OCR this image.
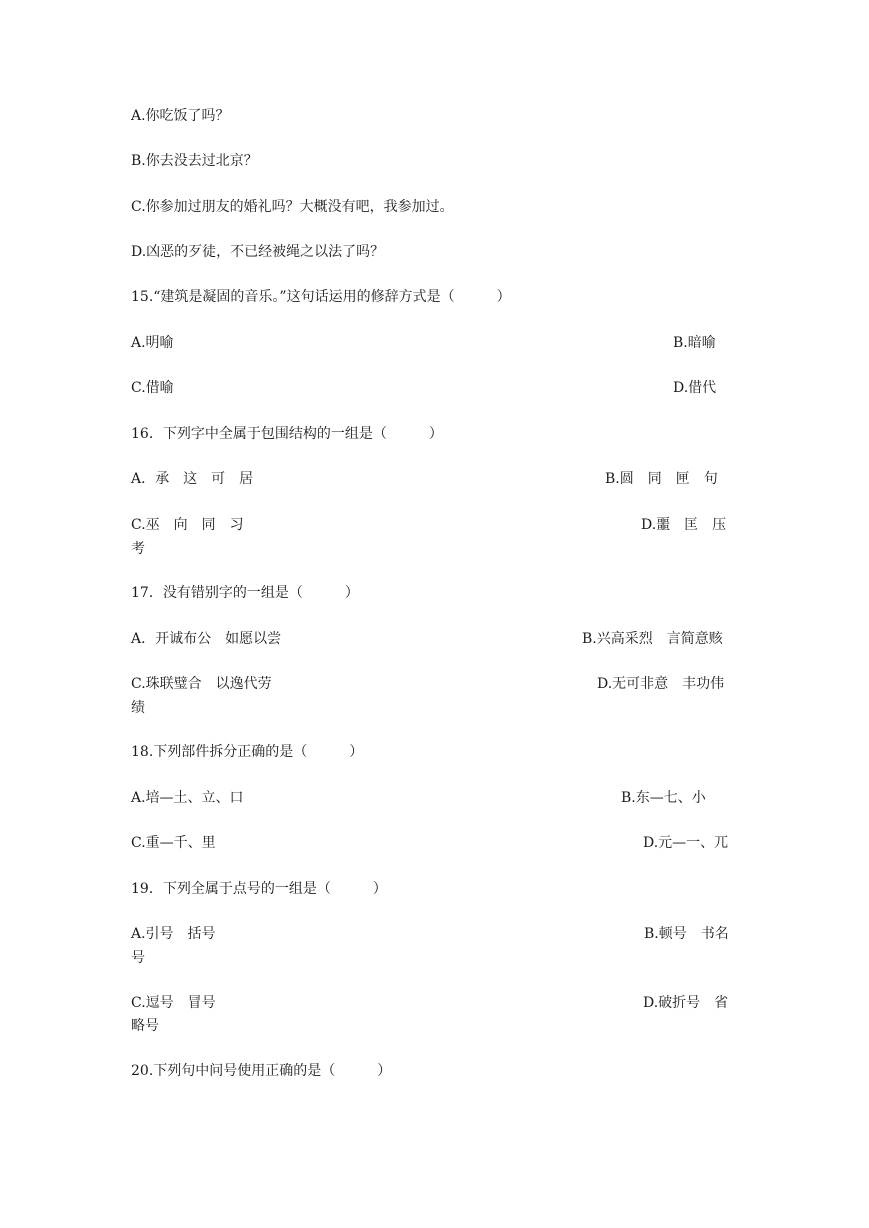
A.你吃饭了吗？
B.你去没去过北京？
C.你参加过朋友的婚礼吗？大概没有吧，我参加过。
D.凶恶的歹徒，不已经被绳之以法了吗？
15.“建筑是凝固的音乐。”这句话运用的修辞方式是（　　　）
A.明喻	B.暗喻
C.借喻	D.借代
16．下列字中全属于包围结构的一组是（　　　）
A．承　这　可　居	B.圆　同　匣　句
C.巫　向　同　习	D.噩　匡　压
考
17．没有错别字的一组是（　　　）
A．开诚布公　如愿以尝	B.兴高采烈　言简意赅
C.珠联璧合　以逸代劳	D.无可非意　丰功伟
绩
18.下列部件拆分正确的是（　　　）
A.培—土、立、口	B.东—七、小
C.重—千、里	D.元—一、兀
19．下列全属于点号的一组是（　　　）
A.引号　括号	B.顿号　书名
号
C.逗号　冒号	D.破折号　省
略号
20.下列句中问号使用正确的是（　　　）
